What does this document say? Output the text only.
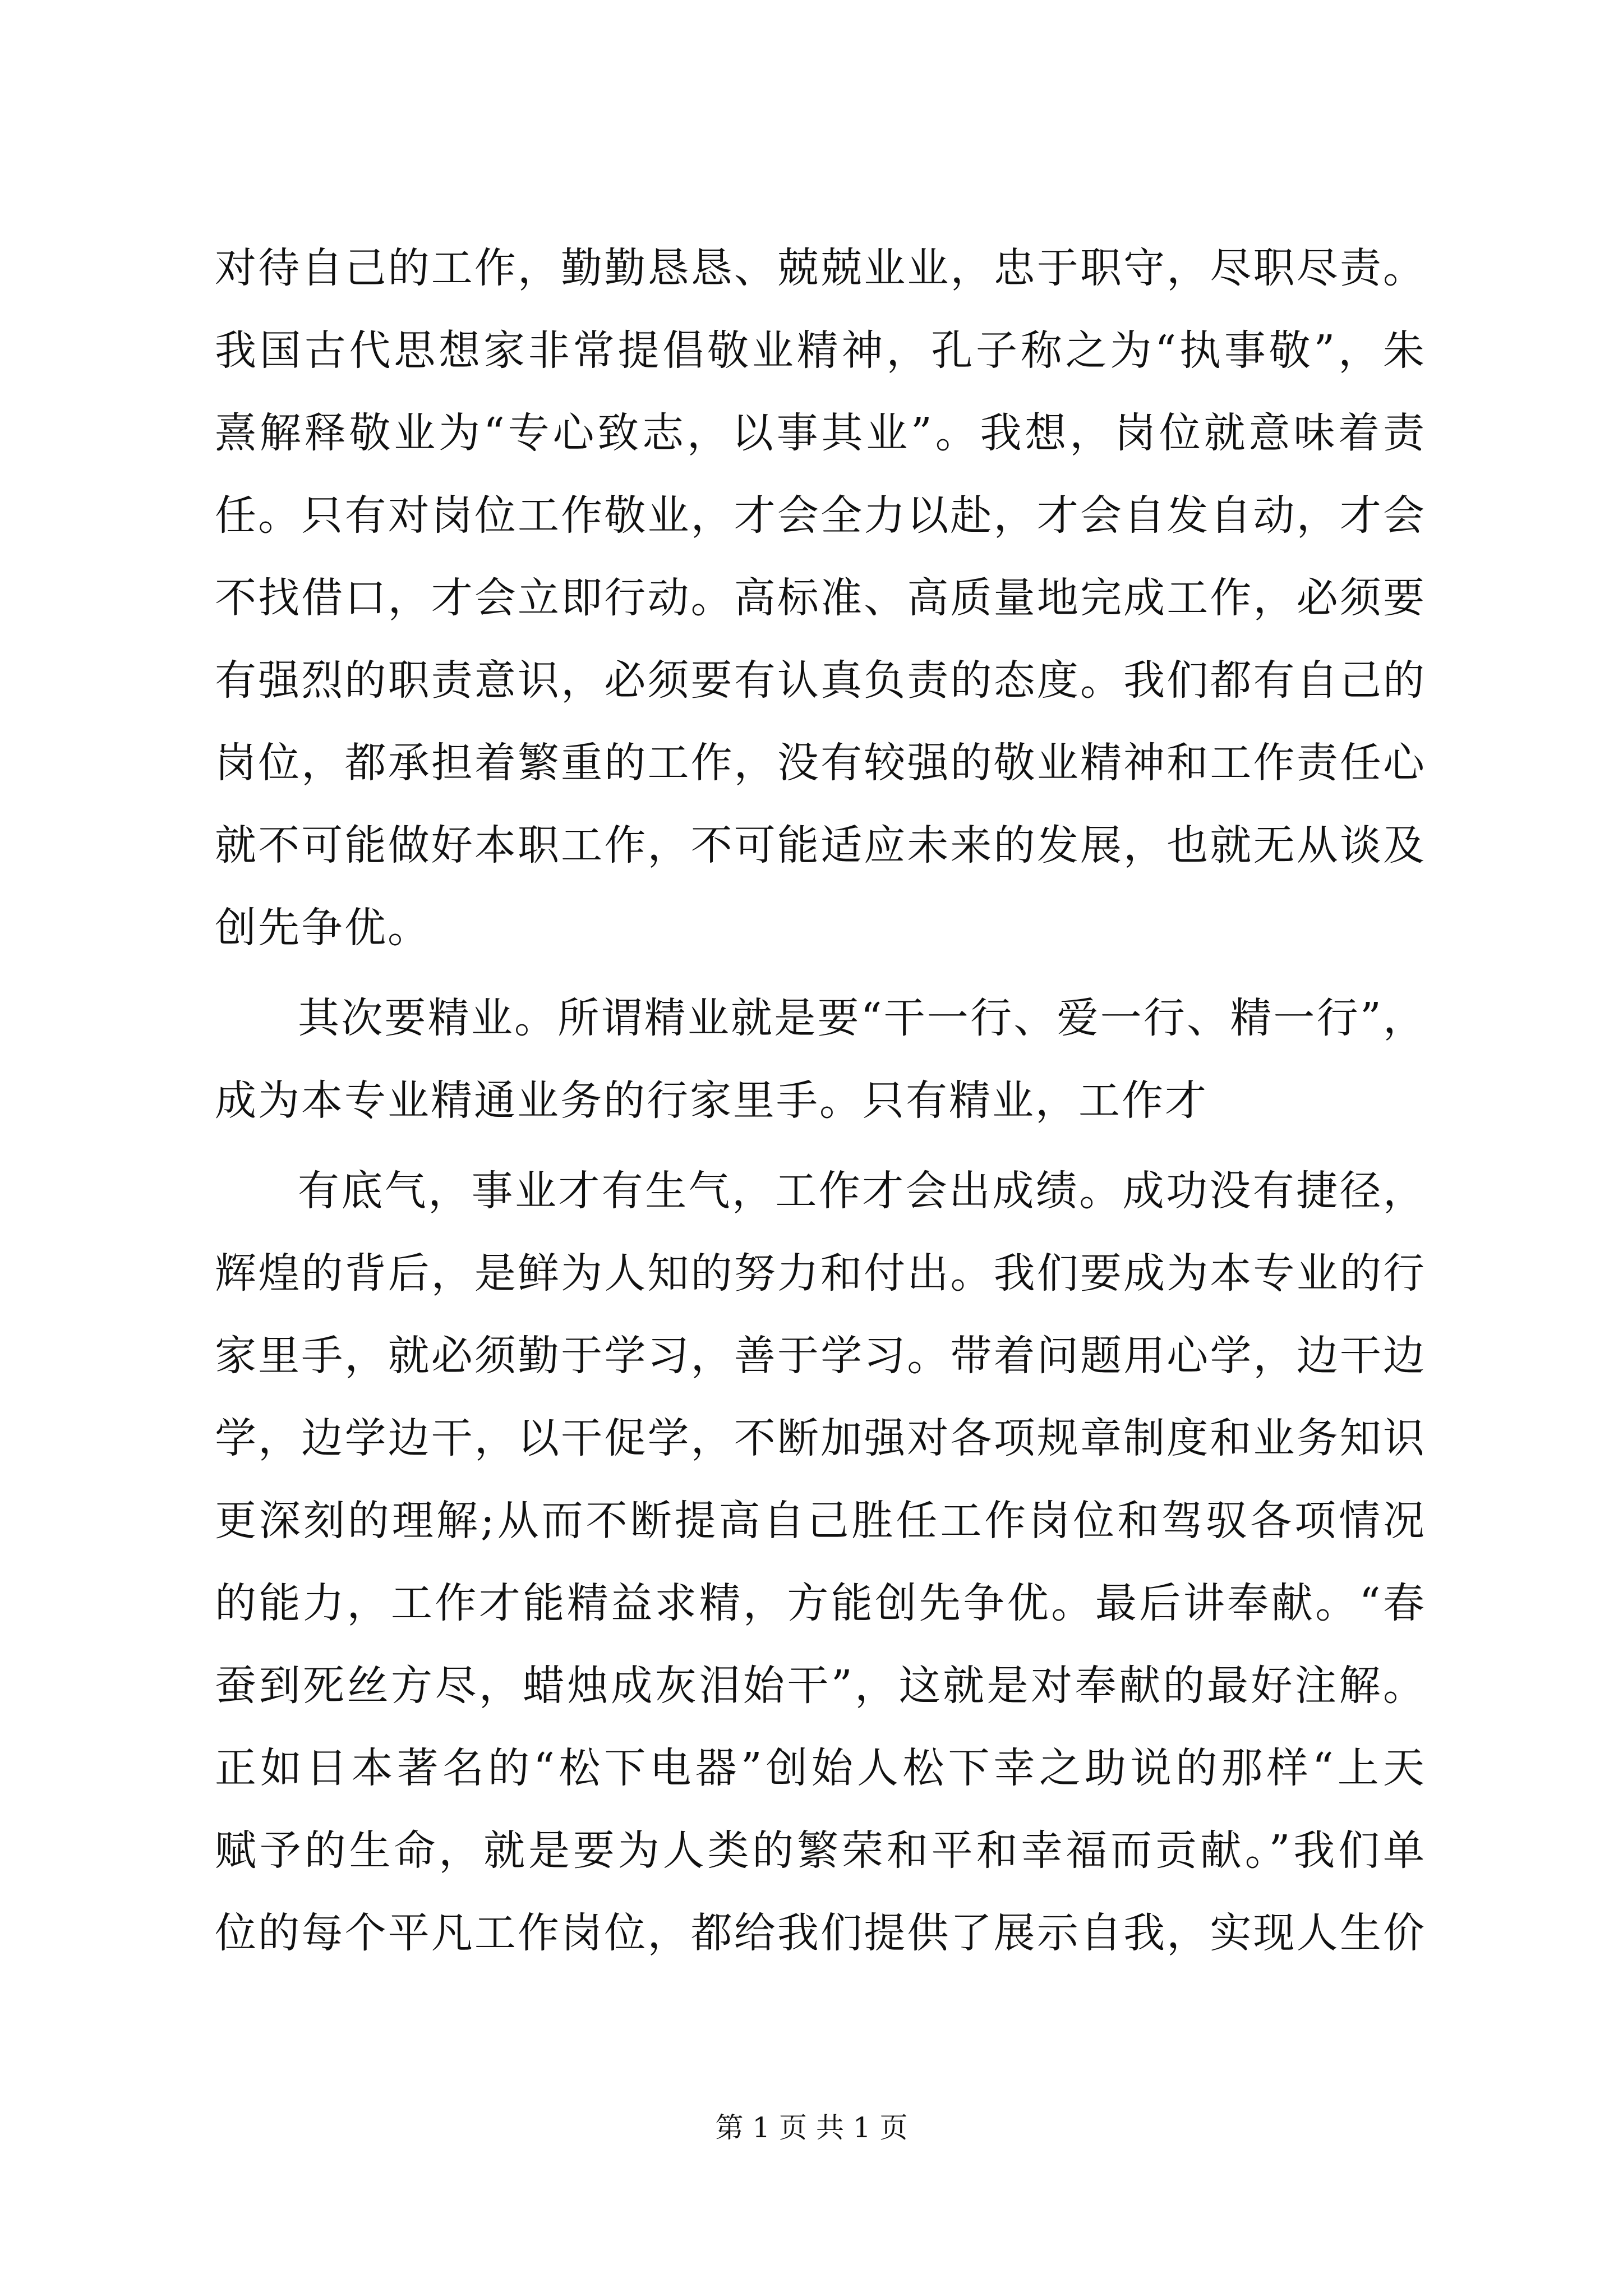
对待自己的工作，勤勤恳恳、兢兢业业，忠于职守，尽职尽责。
我国古代思想家非常提倡敬业精神，孔子称之为“执事敬”，朱
熹解释敬业为“专心致志，以事其业”。我想，岗位就意味着责
任。只有对岗位工作敬业，才会全力以赴，才会自发自动，才会
不找借口，才会立即行动。高标准、高质量地完成工作，必须要
有强烈的职责意识，必须要有认真负责的态度。我们都有自己的
岗位，都承担着繁重的工作，没有较强的敬业精神和工作责任心
就不可能做好本职工作，不可能适应未来的发展，也就无从谈及
创先争优。
其次要精业。所谓精业就是要“干一行、爱一行、精一行”，
成为本专业精通业务的行家里手。只有精业，工作才
有底气，事业才有生气，工作才会出成绩。成功没有捷径，
辉煌的背后，是鲜为人知的努力和付出。我们要成为本专业的行
家里手，就必须勤于学习，善于学习。带着问题用心学，边干边
学，边学边干，以干促学，不断加强对各项规章制度和业务知识
更深刻的理解;从而不断提高自己胜任工作岗位和驾驭各项情况
的能力，工作才能精益求精，方能创先争优。最后讲奉献。“春
蚕到死丝方尽，蜡烛成灰泪始干”，这就是对奉献的最好注解。
正如日本著名的“松下电器”创始人松下幸之助说的那样“上天
赋予的生命，就是要为人类的繁荣和平和幸福而贡献。”我们单
位的每个平凡工作岗位，都给我们提供了展示自我，实现人生价
第 1 页 共 1 页
